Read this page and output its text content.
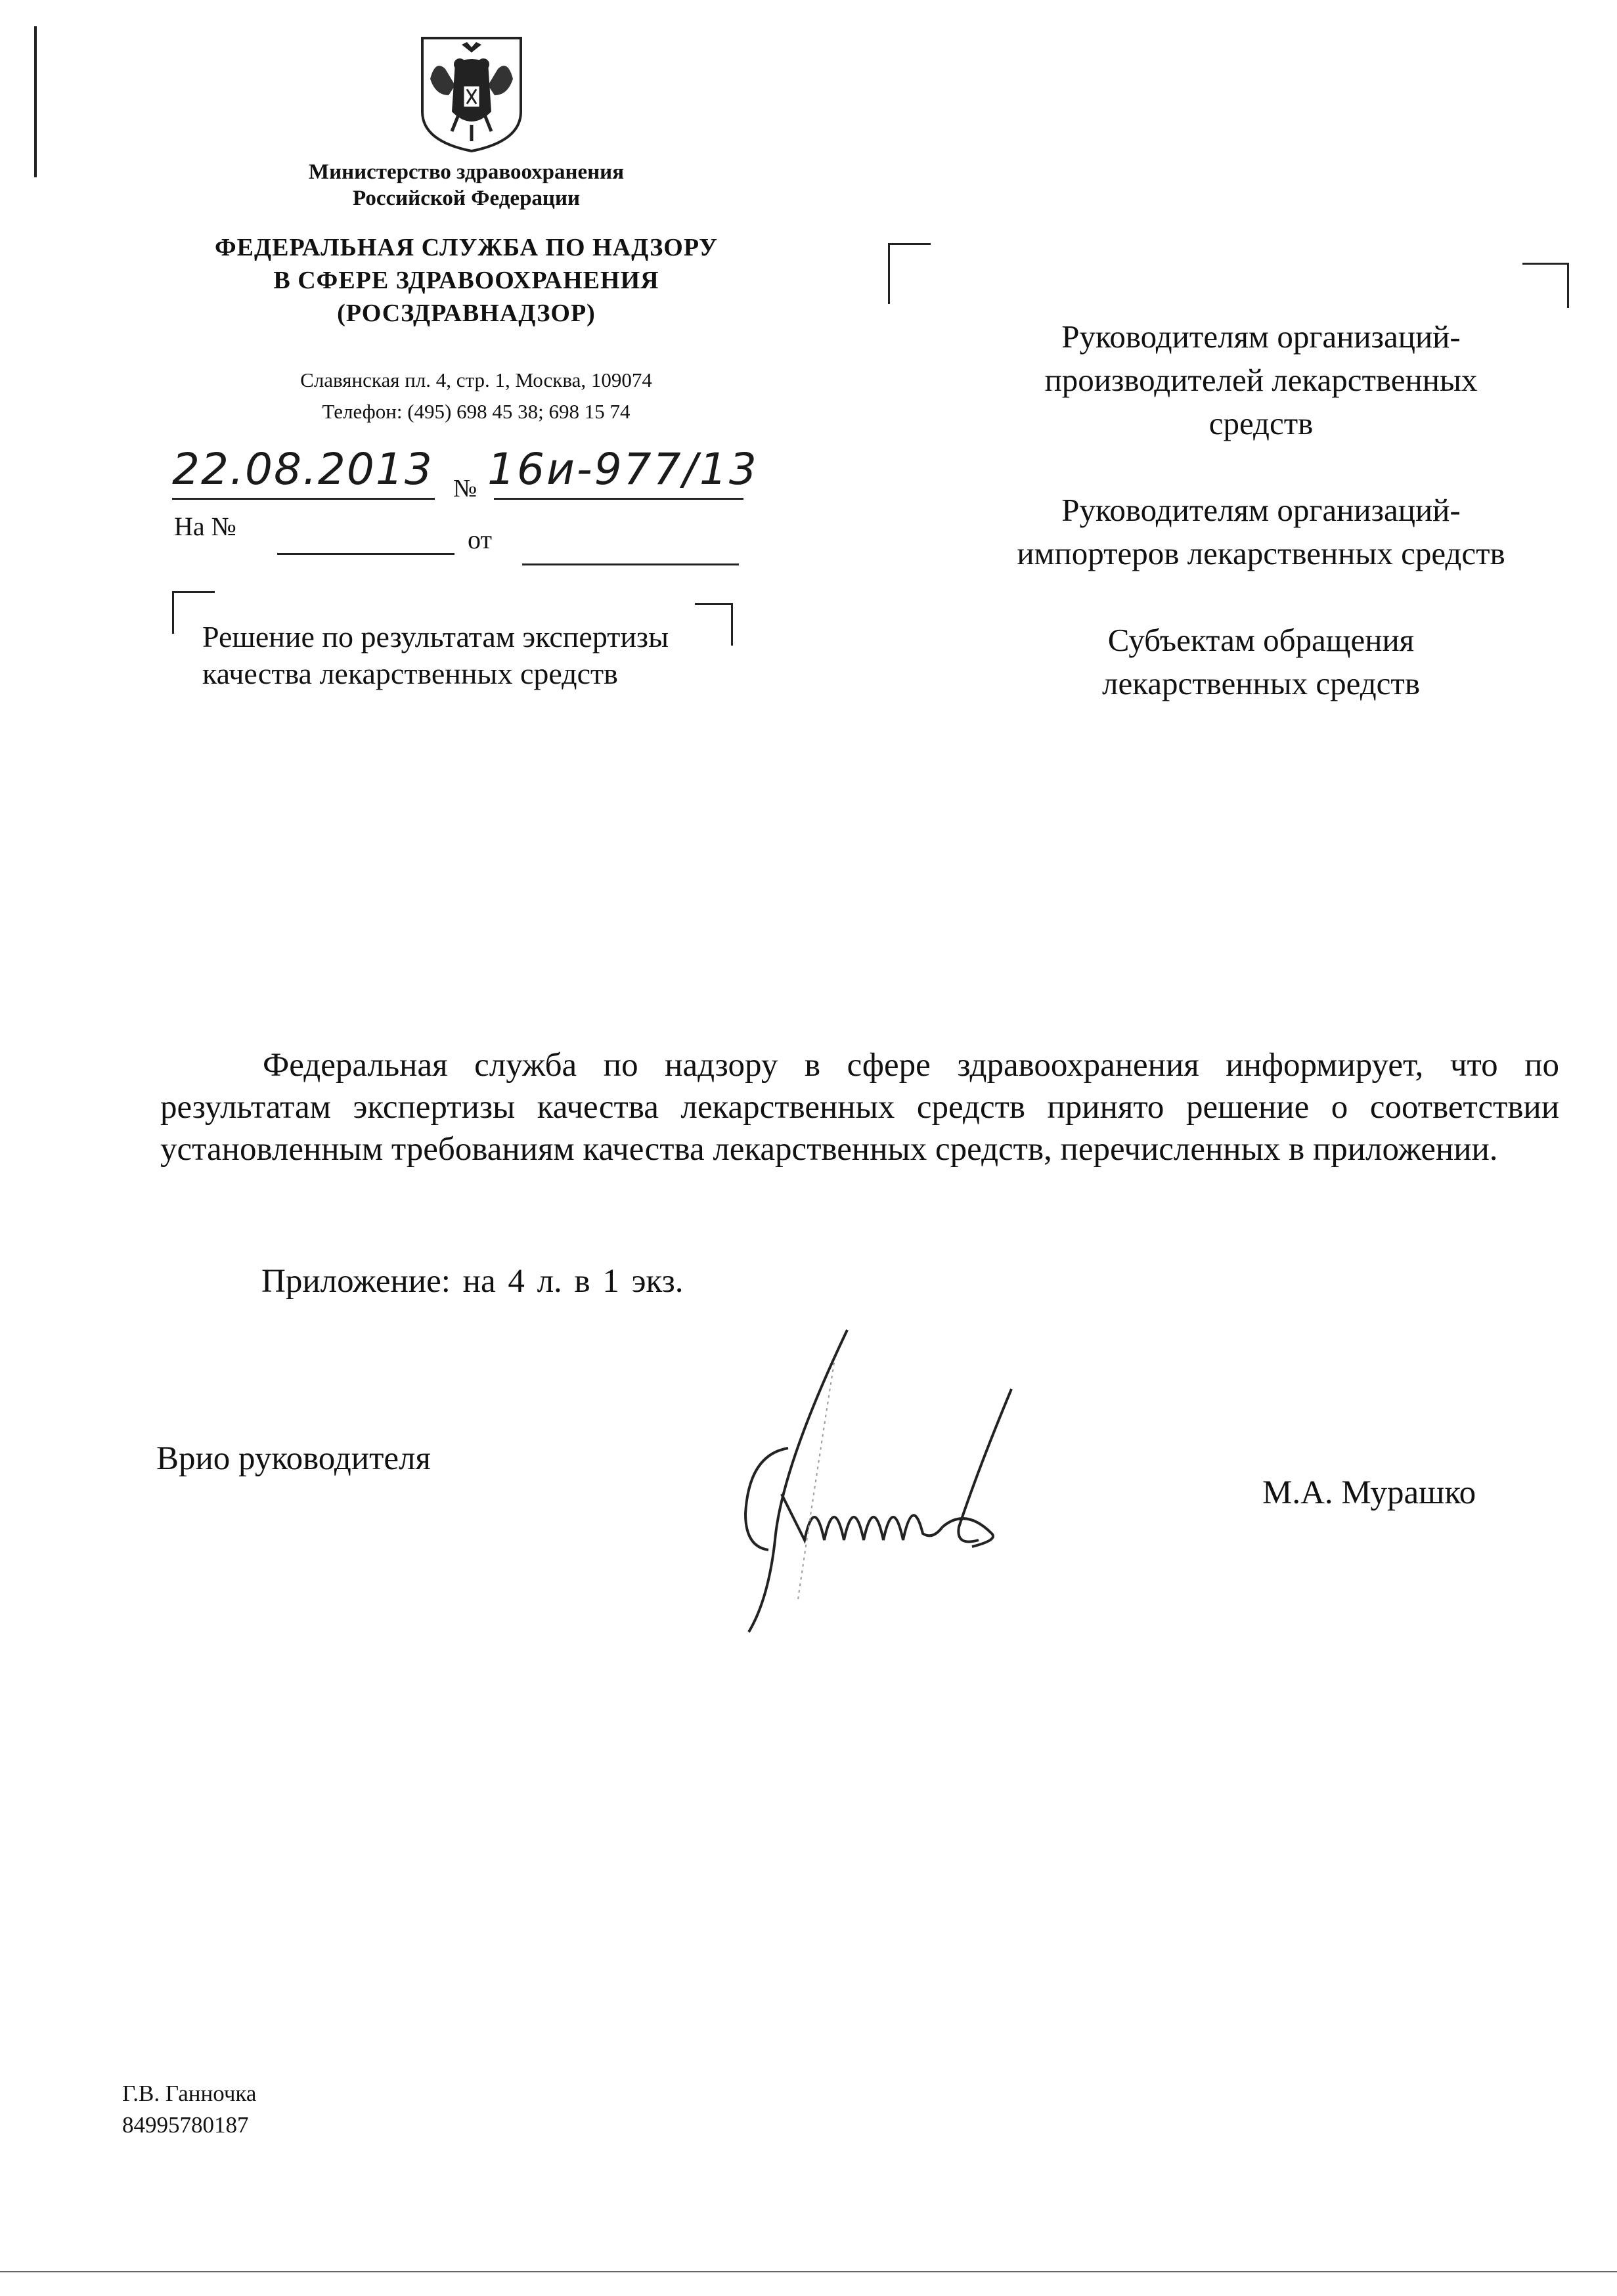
Министерство здравоохранения
Российской Федерации
ФЕДЕРАЛЬНАЯ СЛУЖБА ПО НАДЗОРУ
В СФЕРЕ ЗДРАВООХРАНЕНИЯ
(РОСЗДРАВНАДЗОР)
Славянская пл. 4, стр. 1, Москва, 109074
Телефон: (495) 698 45 38; 698 15 74
22.08.2013 № 16и-977/13
На №	от
Решение по результатам экспертизы
качества лекарственных средств
Руководителям организаций-
производителей лекарственных
средств
Руководителям организаций-
импортеров лекарственных средств
Субъектам обращения
лекарственных средств

Федеральная служба по надзору в сфере здравоохранения информирует, что по результатам экспертизы качества лекарственных средств принято решение о соответствии установленным требованиям качества лекарственных средств, перечисленных в приложении.

Приложение: на 4 л. в 1 экз.
Врио руководителя
М.А. Мурашко
Г.В. Ганночка
84995780187
